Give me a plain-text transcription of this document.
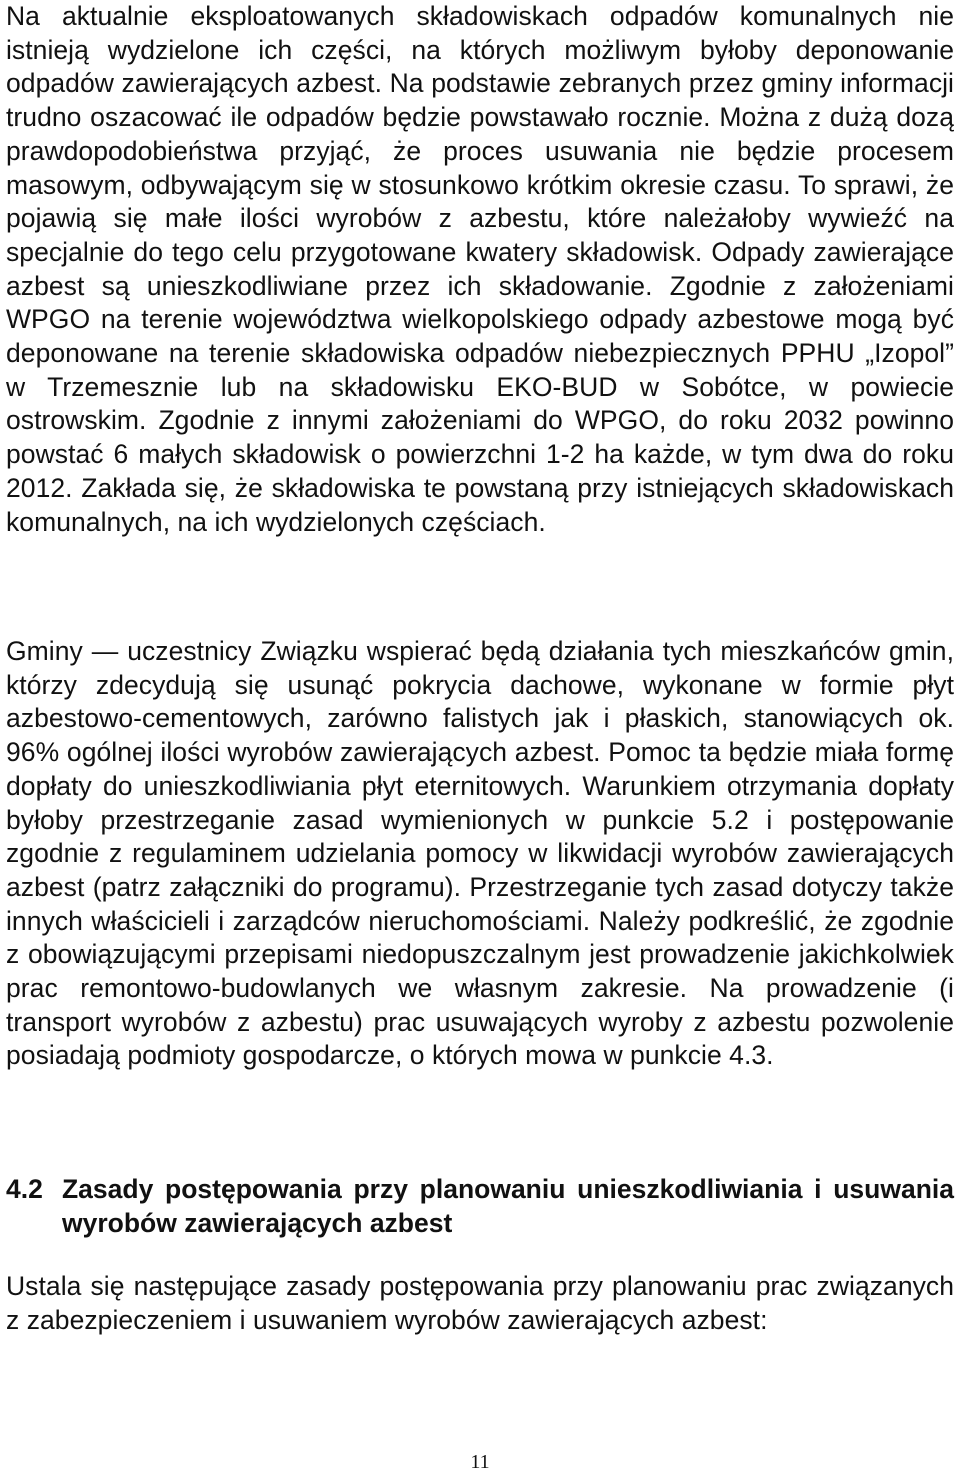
Na aktualnie eksploatowanych składowiskach odpadów komunalnych nie istnieją wydzielone ich części, na których możliwym byłoby deponowanie odpadów zawierających azbest. Na podstawie zebranych przez gminy informacji trudno oszacować ile odpadów będzie powstawało rocznie. Można z dużą dozą prawdopodobieństwa przyjąć, że proces usuwania nie będzie procesem masowym, odbywającym się w stosunkowo krótkim okresie czasu. To sprawi, że pojawią się małe ilości wyrobów z azbestu, które należałoby wywieźć na specjalnie do tego celu przygotowane kwatery składowisk. Odpady zawierające azbest są unieszkodliwiane przez ich składowanie. Zgodnie z założeniami WPGO na terenie województwa wielkopolskiego odpady azbestowe mogą być deponowane na terenie składowiska odpadów niebezpiecznych PPHU „Izopol” w Trzemesznie lub na składowisku EKO-BUD w Sobótce, w powiecie ostrowskim. Zgodnie z innymi założeniami do WPGO, do roku 2032 powinno powstać 6 małych składowisk o powierzchni 1-2 ha każde, w tym dwa do roku 2012. Zakłada się, że składowiska te powstaną przy istniejących składowiskach komunalnych, na ich wydzielonych częściach.

Gminy — uczestnicy Związku wspierać będą działania tych mieszkańców gmin, którzy zdecydują się usunąć pokrycia dachowe, wykonane w formie płyt azbestowo-cementowych, zarówno falistych jak i płaskich, stanowiących ok. 96% ogólnej ilości wyrobów zawierających azbest. Pomoc ta będzie miała formę dopłaty do unieszkodliwiania płyt eternitowych. Warunkiem otrzymania dopłaty byłoby przestrzeganie zasad wymienionych w punkcie 5.2 i postępowanie zgodnie z regulaminem udzielania pomocy w likwidacji wyrobów zawierających azbest (patrz załączniki do programu). Przestrzeganie tych zasad dotyczy także innych właścicieli i zarządców nieruchomościami. Należy podkreślić, że zgodnie z obowiązującymi przepisami niedopuszczalnym jest prowadzenie jakichkolwiek prac remontowo-budowlanych we własnym zakresie. Na prowadzenie (i transport wyrobów z azbestu) prac usuwających wyroby z azbestu pozwolenie posiadają podmioty gospodarcze, o których mowa w punkcie 4.3.

4.2 Zasady postępowania przy planowaniu unieszkodliwiania i usuwania wyrobów zawierających azbest

Ustala się następujące zasady postępowania przy planowaniu prac związanych z zabezpieczeniem i usuwaniem wyrobów zawierających azbest:

11
